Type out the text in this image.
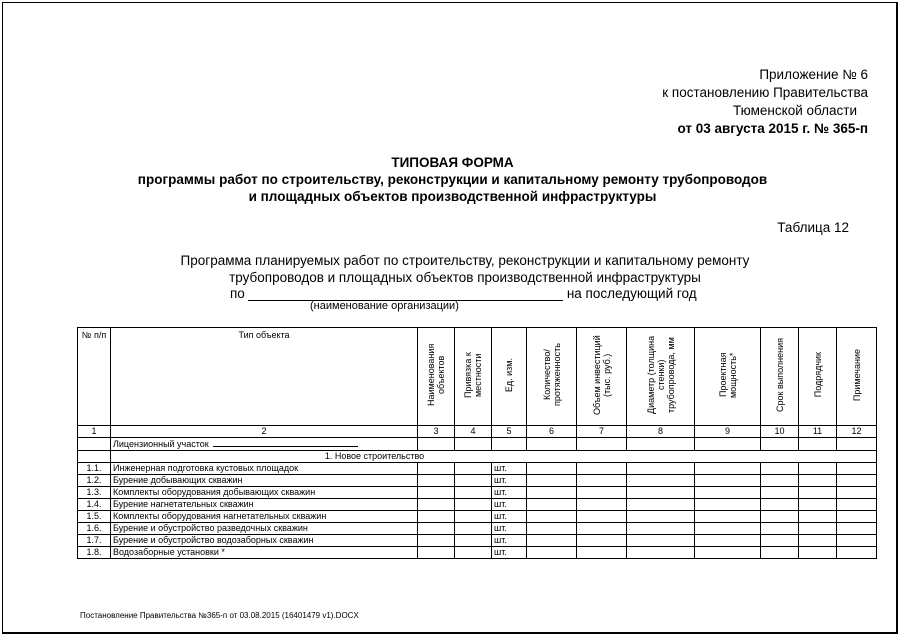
Приложение № 6
к постановлению Правительства
Тюменской области
от 03 августа 2015 г. № 365-п
ТИПОВАЯ ФОРМА
программы работ по строительству, реконструкции и капитальному ремонту трубопроводов
и площадных объектов производственной инфраструктуры
Таблица 12
Программа планируемых работ по строительству, реконструкции и капитальному ремонту
трубопроводов и площадных объектов производственной инфраструктуры
по	на последующий год
(наименование организации)
№ п/п	Тип объекта	Наименования объектов	Привязка к местности	Ед. изм.	Количество/ протяженность	Объем инвестиций (тыс. руб.)	Диаметр (толщина стенки) трубопровода, мм	Проектная мощность*	Срок выполнения	Подрядчик	Примечание
1	2	3	4	5	6	7	8	9	10	11	12
	Лицензионный участок										
	1. Новое строительство										
1.1.	Инженерная подготовка кустовых площадок			шт.							
1.2.	Бурение добывающих скважин			шт.							
1.3.	Комплекты оборудования добывающих скважин			шт.							
1.4.	Бурение нагнетательных скважин			шт.							
1.5.	Комплекты оборудования нагнетательных скважин			шт.							
1.6.	Бурение и обустройство разведочных скважин			шт.							
1.7.	Бурение и обустройство водозаборных скважин			шт.							
1.8.	Водозаборные установки *			шт.							
Постановление Правительства №365-п от 03.08.2015 (16401479 v1).DOCX
